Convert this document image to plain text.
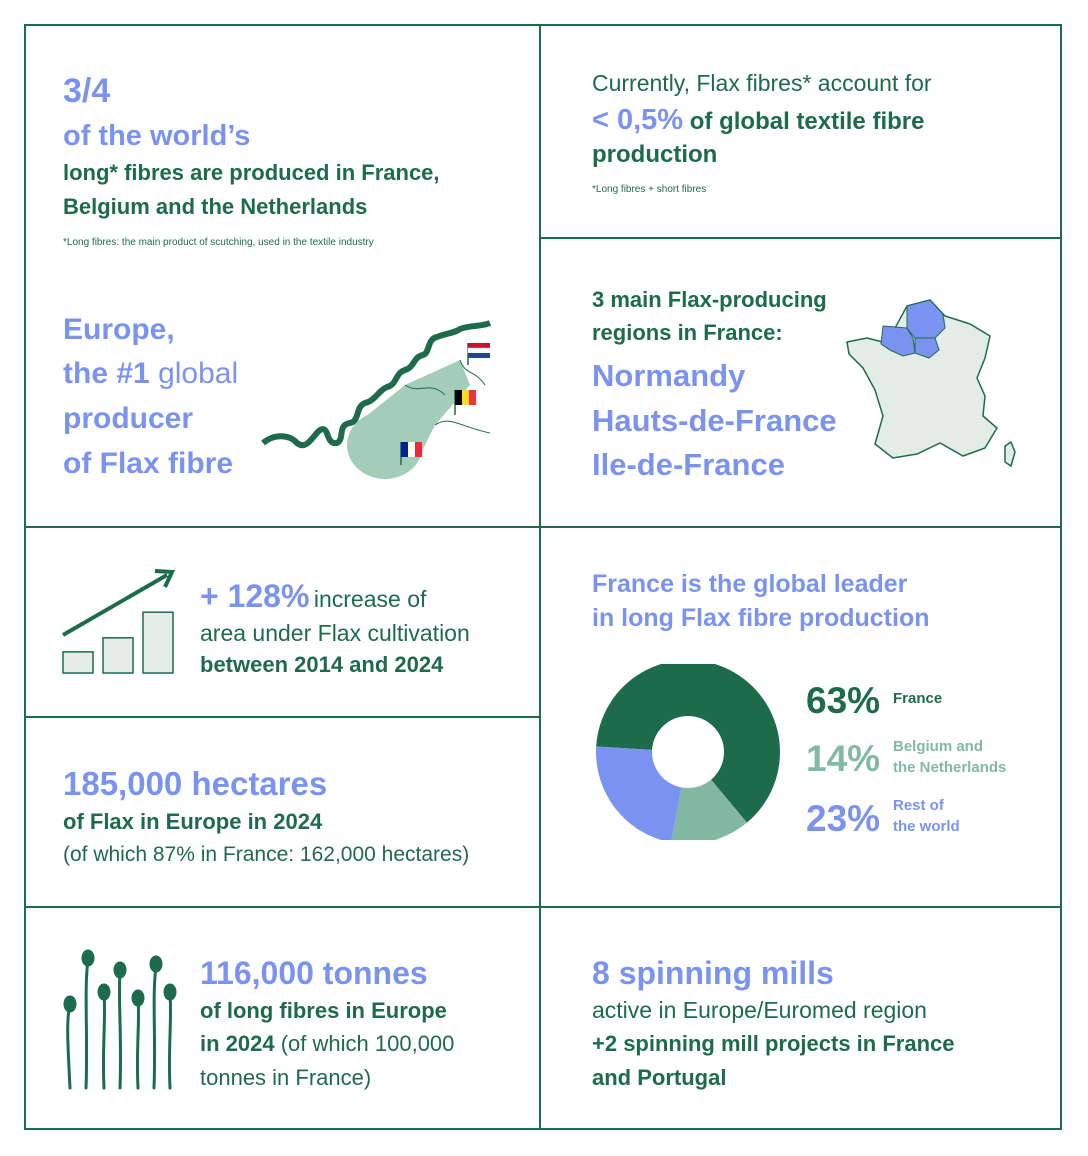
3/4
of the world’s
long* fibres are produced in France,
Belgium and the Netherlands
*Long fibres: the main product of scutching, used in the textile industry
Currently, Flax fibres* account for
< 0,5% of global textile fibre
production
*Long fibres + short fibres
Europe,
the #1 global
producer
of Flax fibre
3 main Flax-producing
regions in France:
Normandy
Hauts-de-France
Ile-de-France
+ 128% increase of
area under Flax cultivation
between 2014 and 2024
France is the global leader
in long Flax fibre production
63% France
14% Belgium and
the Netherlands
23% Rest of
the world
185,000 hectares
of Flax in Europe in 2024
(of which 87% in France: 162,000 hectares)
116,000 tonnes
of long fibres in Europe
in 2024 (of which 100,000
tonnes in France)
8 spinning mills
active in Europe/Euromed region
+2 spinning mill projects in France
and Portugal
